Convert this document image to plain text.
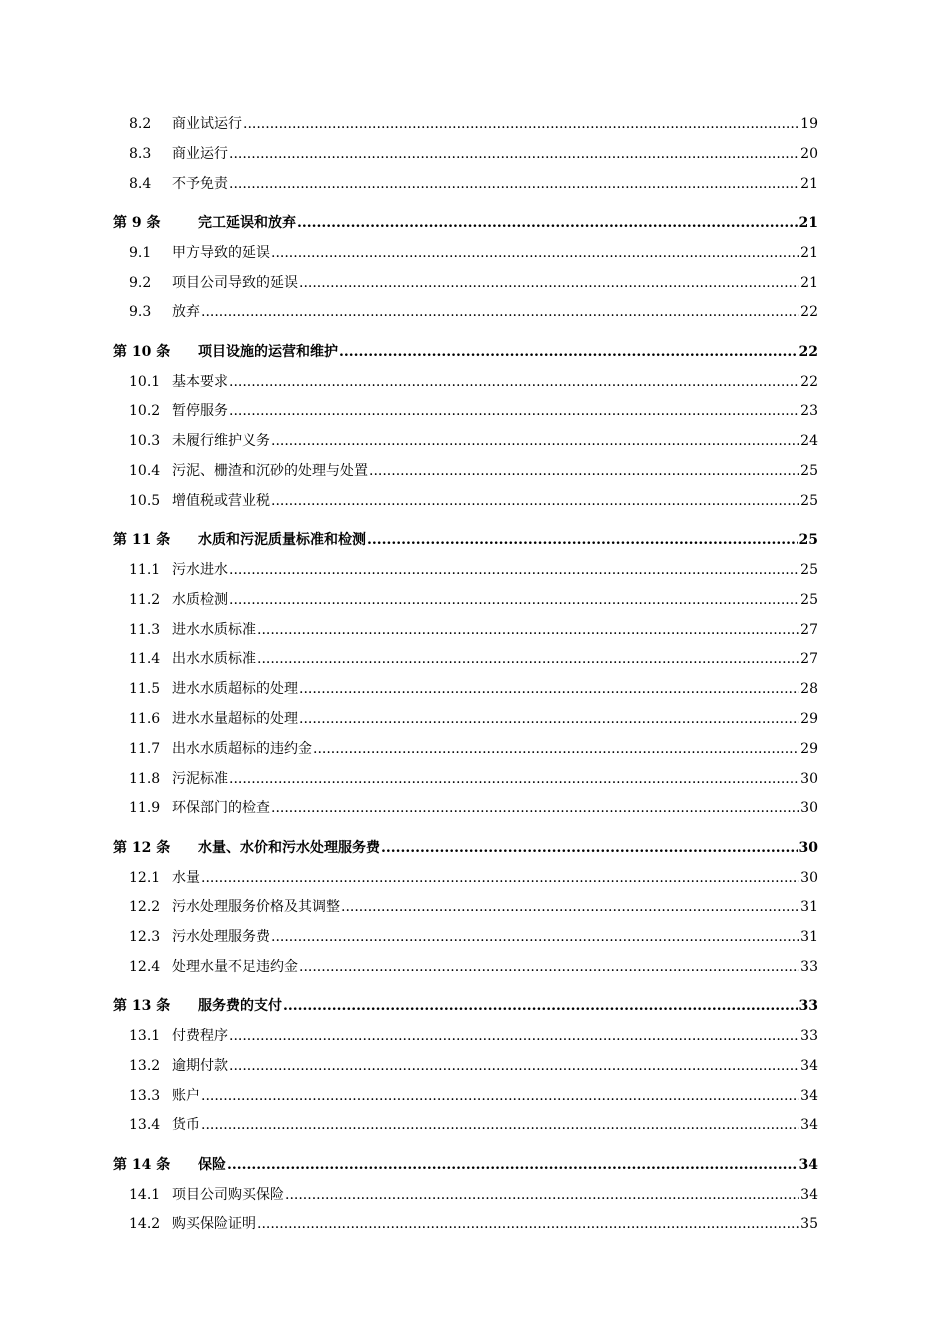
8.2	商业试运行 .....	19
8.3	商业运行 .....	20
8.4	不予免责 .....	21
第 9 条	完工延误和放弃 .....	21
9.1	甲方导致的延误 .....	21
9.2	项目公司导致的延误 .....	21
9.3	放弃 .....	22
第 10 条	项目设施的运营和维护 .....	22
10.1 基本要求 .....	22
10.2 暂停服务 .....	23
10.3 未履行维护义务 .....	24
10.4 污泥、栅渣和沉砂的处理与处置 .....	25
10.5 增值税或营业税 .....	25
第 11 条	水质和污泥质量标准和检测 .....	25
11.1 污水进水 .....	25
11.2 水质检测 .....	25
11.3 进水水质标准 .....	27
11.4 出水水质标准 .....	27
11.5 进水水质超标的处理 .....	28
11.6 进水水量超标的处理 .....	29
11.7 出水水质超标的违约金 .....	29
11.8 污泥标准 .....	30
11.9 环保部门的检查 .....	30
第 12 条	水量、水价和污水处理服务费 .....	30
12.1 水量 .....	30
12.2 污水处理服务价格及其调整 .....	31
12.3 污水处理服务费 .....	31
12.4 处理水量不足违约金 .....	33
第 13 条	服务费的支付 .....	33
13.1 付费程序 .....	33
13.2 逾期付款 .....	34
13.3 账户 .....	34
13.4 货币 .....	34
第 14 条	保险 .....	34
14.1 项目公司购买保险 .....	34
14.2 购买保险证明 .....	35
